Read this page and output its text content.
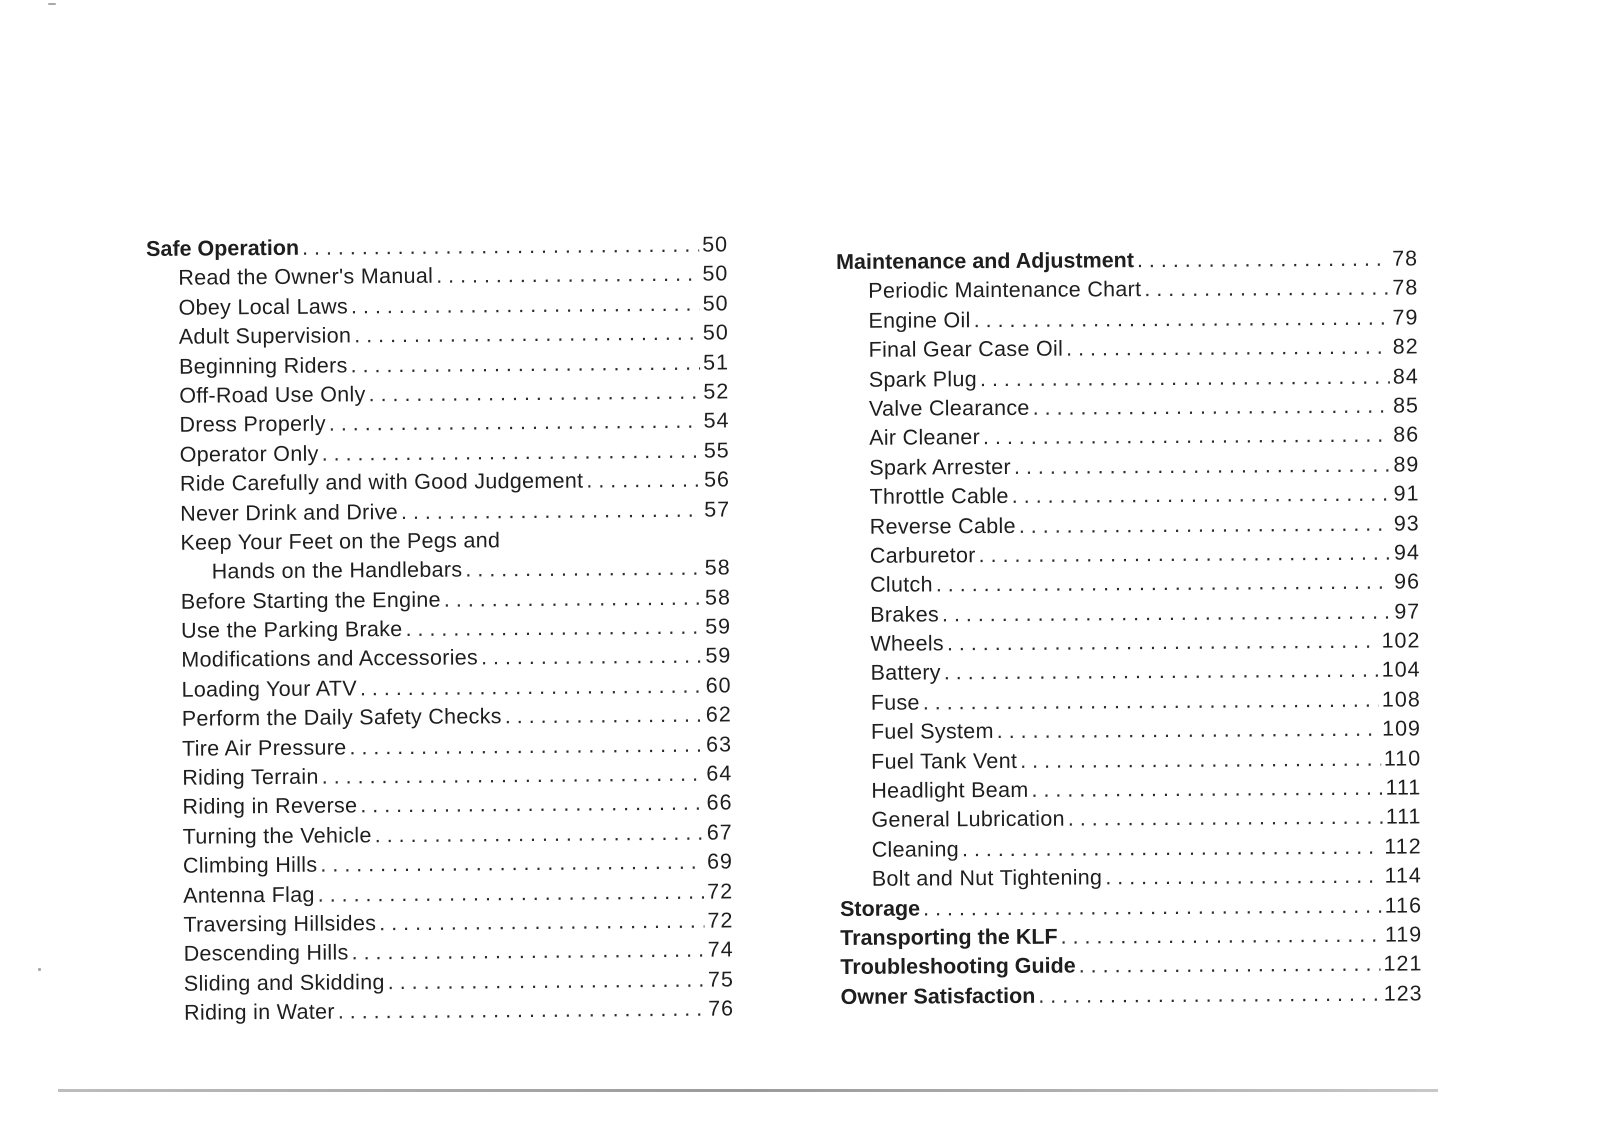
Safe Operation . . .	50
Read the Owner's Manual . . .	50
Obey Local Laws . . .	50
Adult Supervision . . .	50
Beginning Riders . . .	51
Off-Road Use Only . . .	52
Dress Properly . . .	54
Operator Only . . .	55
Ride Carefully and with Good Judgement . . .	56
Never Drink and Drive . . .	57
Keep Your Feet on the Pegs and
Hands on the Handlebars . . .	58
Before Starting the Engine . . .	58
Use the Parking Brake . . .	59
Modifications and Accessories . . .	59
Loading Your ATV . . .	60
Perform the Daily Safety Checks . . .	62
Tire Air Pressure . . .	63
Riding Terrain . . .	64
Riding in Reverse . . .	66
Turning the Vehicle . . .	67
Climbing Hills . . .	69
Antenna Flag . . .	72
Traversing Hillsides . . .	72
Descending Hills . . .	74
Sliding and Skidding . . .	75
Riding in Water . . .	76
Maintenance and Adjustment . . .	78
Periodic Maintenance Chart . . .	78
Engine Oil . . .	79
Final Gear Case Oil . . .	82
Spark Plug . . .	84
Valve Clearance . . .	85
Air Cleaner . . .	86
Spark Arrester . . .	89
Throttle Cable . . .	91
Reverse Cable . . .	93
Carburetor . . .	94
Clutch . . .	96
Brakes . . .	97
Wheels . . .	102
Battery . . .	104
Fuse . . .	108
Fuel System . . .	109
Fuel Tank Vent . . .	110
Headlight Beam . . .	111
General Lubrication . . .	111
Cleaning . . .	112
Bolt and Nut Tightening . . .	114
Storage . . .	116
Transporting the KLF . . .	119
Troubleshooting Guide . . .	121
Owner Satisfaction . . .	123
